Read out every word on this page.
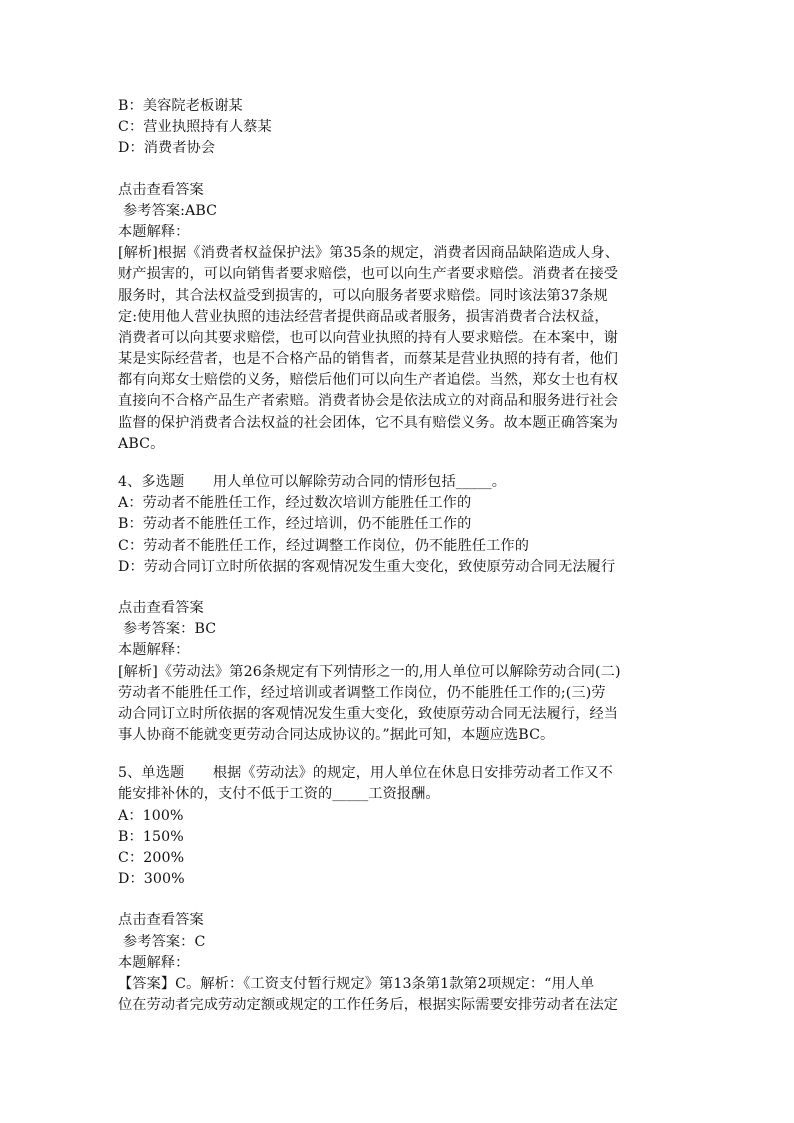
B：美容院老板谢某
C：营业执照持有人蔡某
D：消费者协会
点击查看答案
参考答案:ABC
本题解释：
[解析]根据《消费者权益保护法》第35条的规定，消费者因商品缺陷造成人身、
财产损害的，可以向销售者要求赔偿，也可以向生产者要求赔偿。消费者在接受
服务时，其合法权益受到损害的，可以向服务者要求赔偿。同时该法第37条规
定:使用他人营业执照的违法经营者提供商品或者服务，损害消费者合法权益，
消费者可以向其要求赔偿，也可以向营业执照的持有人要求赔偿。在本案中，谢
某是实际经营者，也是不合格产品的销售者，而蔡某是营业执照的持有者，他们
都有向郑女士赔偿的义务，赔偿后他们可以向生产者追偿。当然，郑女士也有权
直接向不合格产品生产者索赔。消费者协会是依法成立的对商品和服务进行社会
监督的保护消费者合法权益的社会团体，它不具有赔偿义务。故本题正确答案为
ABC。
4、多选题　　用人单位可以解除劳动合同的情形包括_____。
A：劳动者不能胜任工作，经过数次培训方能胜任工作的
B：劳动者不能胜任工作，经过培训，仍不能胜任工作的
C：劳动者不能胜任工作，经过调整工作岗位，仍不能胜任工作的
D：劳动合同订立时所依据的客观情况发生重大变化，致使原劳动合同无法履行
点击查看答案
参考答案：BC
本题解释：
[解析]《劳动法》第26条规定有下列情形之一的,用人单位可以解除劳动合同(二)
劳动者不能胜任工作，经过培训或者调整工作岗位，仍不能胜任工作的;(三)劳
动合同订立时所依据的客观情况发生重大变化，致使原劳动合同无法履行，经当
事人协商不能就变更劳动合同达成协议的。”据此可知，本题应选BC。
5、单选题　　根据《劳动法》的规定，用人单位在休息日安排劳动者工作又不
能安排补休的，支付不低于工资的_____工资报酬。
A：100%
B：150%
C：200%
D：300%
点击查看答案
参考答案：C
本题解释：
【答案】C。解析：《工资支付暂行规定》第13条第1款第2项规定：“用人单
位在劳动者完成劳动定额或规定的工作任务后，根据实际需要安排劳动者在法定
